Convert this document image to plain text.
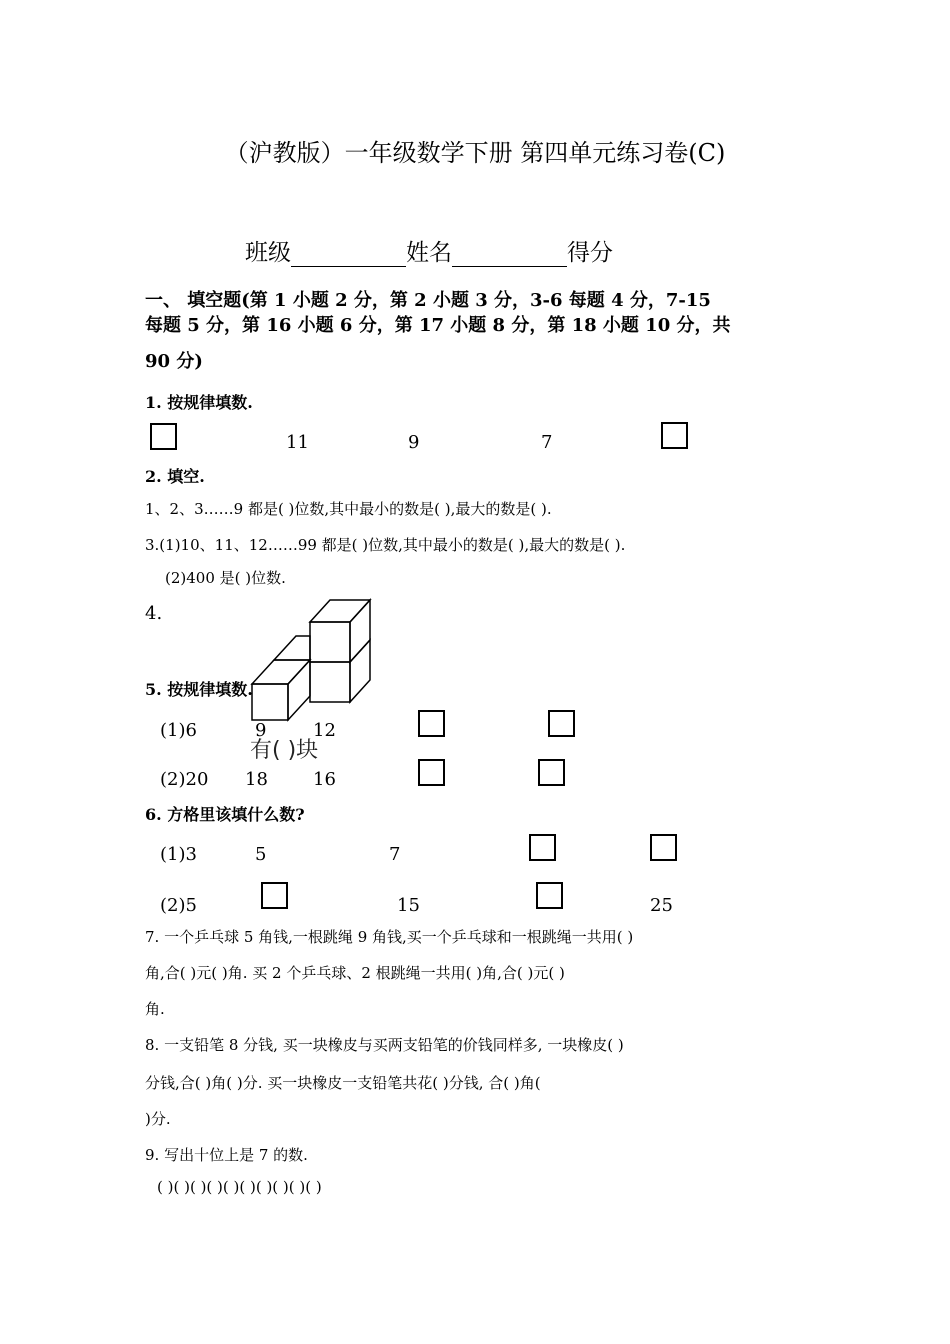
（沪教版）一年级数学下册 第四单元练习卷(C)
班级	姓名	得分
一、 填空题(第 1 小题 2 分，第 2 小题 3 分，3-6 每题 4 分，7-15
每题 5 分，第 16 小题 6 分，第 17 小题 8 分，第 18 小题 10 分，共
90 分)
1. 按规律填数.
11	9	7
2. 填空.
1、2、3……9 都是( )位数,其中最小的数是( ),最大的数是( ).
3.(1)10、11、12……99 都是( )位数,其中最小的数是( ),最大的数是( ).
(2)400 是( )位数.
4.
有( )块
5. 按规律填数.
(1)6	9	12
(2)20 18	16
6. 方格里该填什么数?
(1)3	5	7
(2)5	15	25
7. 一个乒乓球 5 角钱,一根跳绳 9 角钱,买一个乒乓球和一根跳绳一共用( )
角,合( )元( )角. 买 2 个乒乓球、2 根跳绳一共用( )角,合( )元( )
角.
8. 一支铅笔 8 分钱, 买一块橡皮与买两支铅笔的价钱同样多, 一块橡皮( )
分钱,合( )角( )分. 买一块橡皮一支铅笔共花( )分钱, 合( )角(
)分.
9. 写出十位上是 7 的数.
( )( )( )( )( )( )( )( )( )( )
